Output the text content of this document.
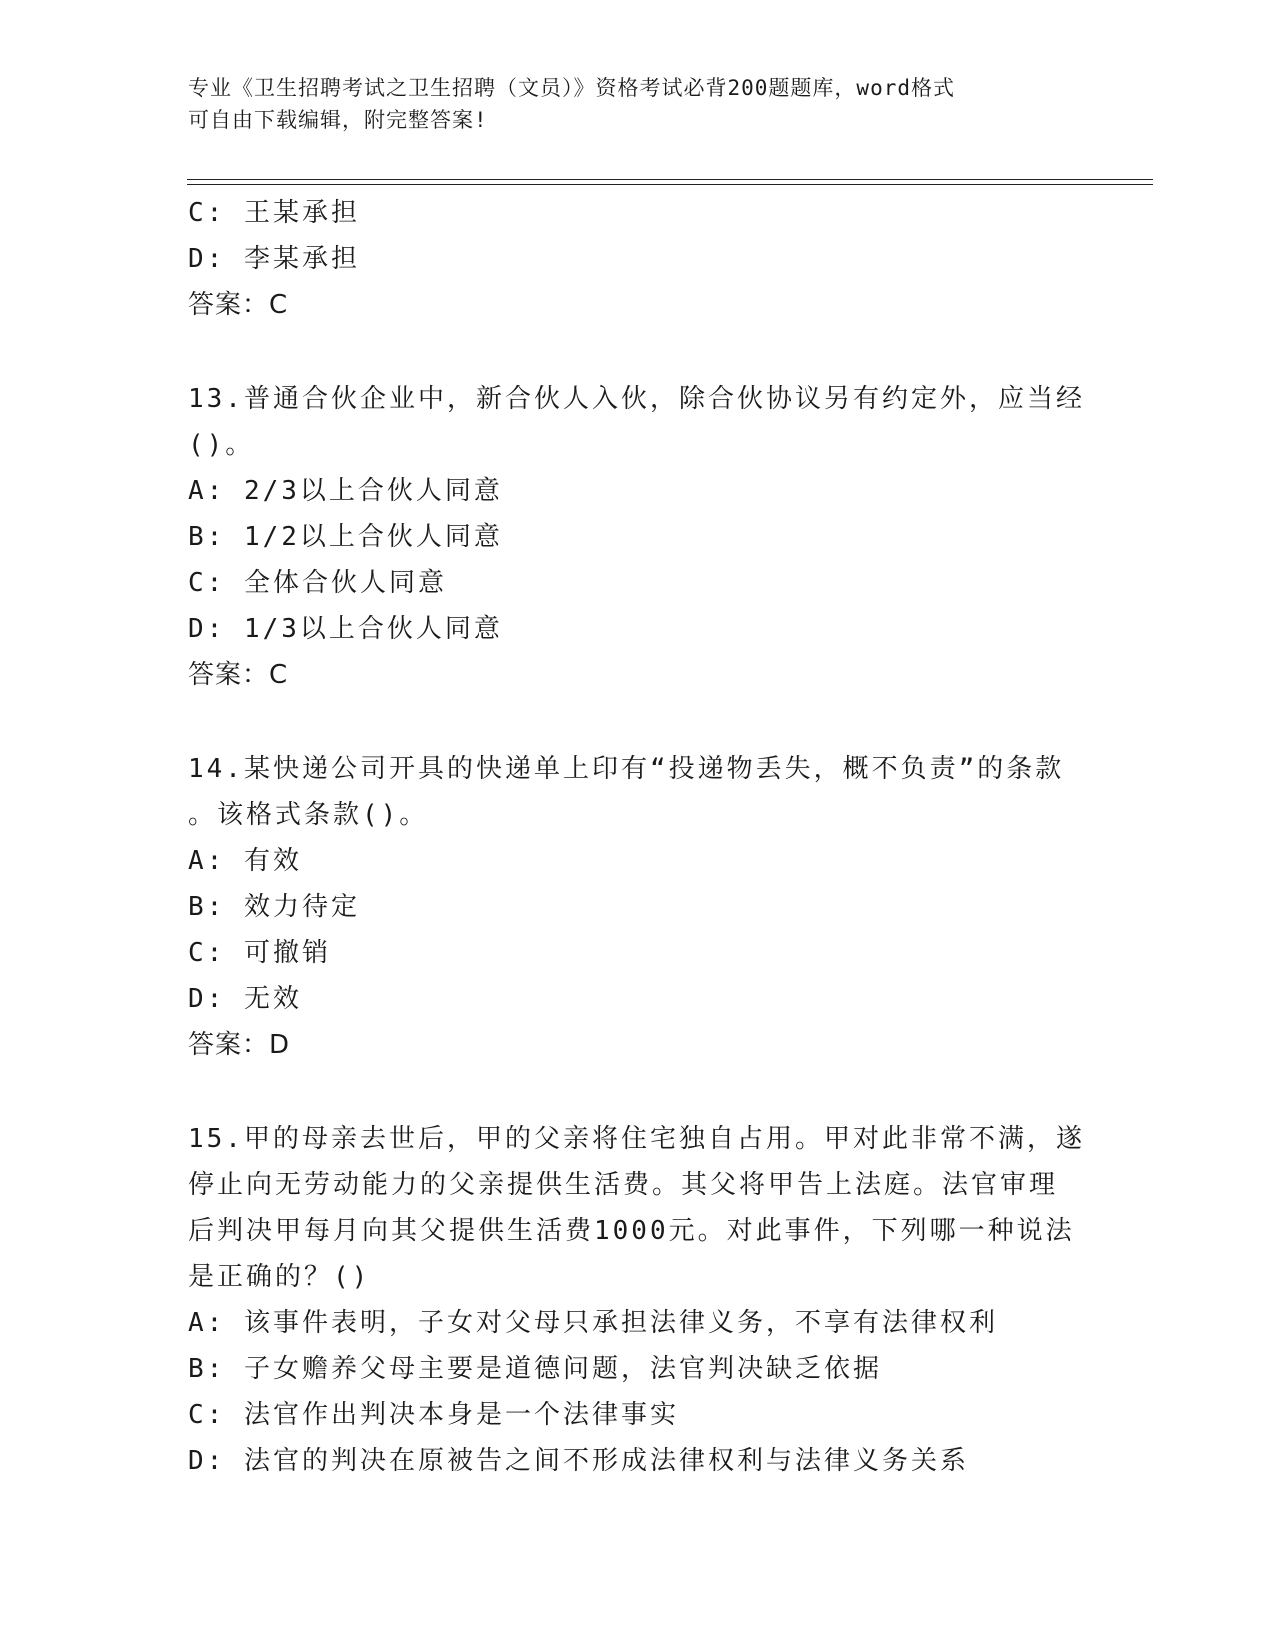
专业《卫生招聘考试之卫生招聘（文员）》资格考试必背200题题库，word格式
可自由下载编辑，附完整答案!
C: 王某承担
D: 李某承担
答案：C
13.普通合伙企业中，新合伙人入伙，除合伙协议另有约定外，应当经
()。
A: 2/3以上合伙人同意
B: 1/2以上合伙人同意
C: 全体合伙人同意
D: 1/3以上合伙人同意
答案：C
14.某快递公司开具的快递单上印有“投递物丢失，概不负责”的条款
。该格式条款()。
A: 有效
B: 效力待定
C: 可撤销
D: 无效
答案：D
15.甲的母亲去世后，甲的父亲将住宅独自占用。甲对此非常不满，遂
停止向无劳动能力的父亲提供生活费。其父将甲告上法庭。法官审理
后判决甲每月向其父提供生活费1000元。对此事件，下列哪一种说法
是正确的？()
A: 该事件表明，子女对父母只承担法律义务，不享有法律权利
B: 子女赡养父母主要是道德问题，法官判决缺乏依据
C: 法官作出判决本身是一个法律事实
D: 法官的判决在原被告之间不形成法律权利与法律义务关系
